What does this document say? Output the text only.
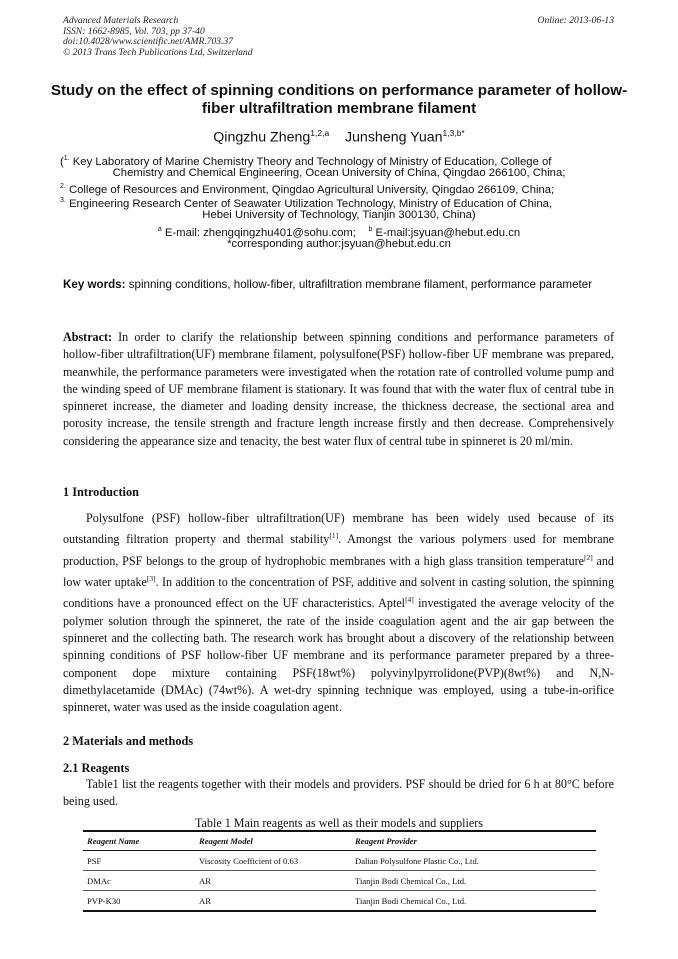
Advanced Materials Research
ISSN: 1662-8985, Vol. 703, pp 37-40
doi:10.4028/www.scientific.net/AMR.703.37
© 2013 Trans Tech Publications Ltd, Switzerland
Online: 2013-06-13
Study on the effect of spinning conditions on performance parameter of hollow-fiber ultrafiltration membrane filament
Qingzhu Zheng$^{1,2,a}$ Junsheng Yuan$^{1,3,b*}$
($^{1.}$ Key Laboratory of Marine Chemistry Theory and Technology of Ministry of Education, College of
Chemistry and Chemical Engineering, Ocean University of China, Qingdao 266100, China;
$^{2.}$ College of Resources and Environment, Qingdao Agricultural University, Qingdao 266109, China;
$^{3.}$ Engineering Research Center of Seawater Utilization Technology, Ministry of Education of China,
Hebei University of Technology, Tianjin 300130, China)
$^a$ E-mail: zhengqingzhu401@sohu.com; $^b$ E-mail:jsyuan@hebut.edu.cn
*corresponding author:jsyuan@hebut.edu.cn
Key words: spinning conditions, hollow-fiber, ultrafiltration membrane filament, performance parameter
Abstract: In order to clarify the relationship between spinning conditions and performance parameters of hollow-fiber ultrafiltration(UF) membrane filament, polysulfone(PSF) hollow-fiber UF membrane was prepared, meanwhile, the performance parameters were investigated when the rotation rate of controlled volume pump and the winding speed of UF membrane filament is stationary. It was found that with the water flux of central tube in spinneret increase, the diameter and loading density increase, the thickness decrease, the sectional area and porosity increase, the tensile strength and fracture length increase firstly and then decrease. Comprehensively considering the appearance size and tenacity, the best water flux of central tube in spinneret is 20 ml/min.
1 Introduction
Polysulfone (PSF) hollow-fiber ultrafiltration(UF) membrane has been widely used because of its outstanding filtration property and thermal stability[1]. Amongst the various polymers used for membrane production, PSF belongs to the group of hydrophobic membranes with a high glass transition temperature[2] and low water uptake[3]. In addition to the concentration of PSF, additive and solvent in casting solution, the spinning conditions have a pronounced effect on the UF characteristics. Aptel[4] investigated the average velocity of the polymer solution through the spinneret, the rate of the inside coagulation agent and the air gap between the spinneret and the collecting bath. The research work has brought about a discovery of the relationship between spinning conditions of PSF hollow-fiber UF membrane and its performance parameter prepared by a three-component dope mixture containing PSF(18wt%) polyvinylpyrrolidone(PVP)(8wt%) and N,N-dimethylacetamide (DMAc) (74wt%). A wet-dry spinning technique was employed, using a tube-in-orifice spinneret, water was used as the inside coagulation agent.
2 Materials and methods
2.1 Reagents
Table1 list the reagents together with their models and providers. PSF should be dried for 6 h at 80°C before being used.
Table 1 Main reagents as well as their models and suppliers
Reagent Name	Reagent Model	Reagent Provider
PSF	Viscosity Coefficient of 0.63	Dalian Polysulfone Plastic Co., Ltd.
DMAc	AR	Tianjin Bodi Chemical Co., Ltd.
PVP-K30	AR	Tianjin Bodi Chemical Co., Ltd.
